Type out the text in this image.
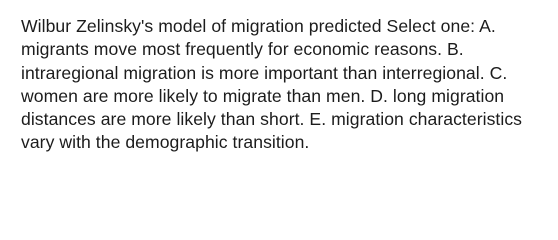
Wilbur Zelinsky's model of migration predicted Select one: A.
migrants move most frequently for economic reasons. B.
intraregional migration is more important than interregional. C.
women are more likely to migrate than men. D. long migration
distances are more likely than short. E. migration characteristics
vary with the demographic transition.
